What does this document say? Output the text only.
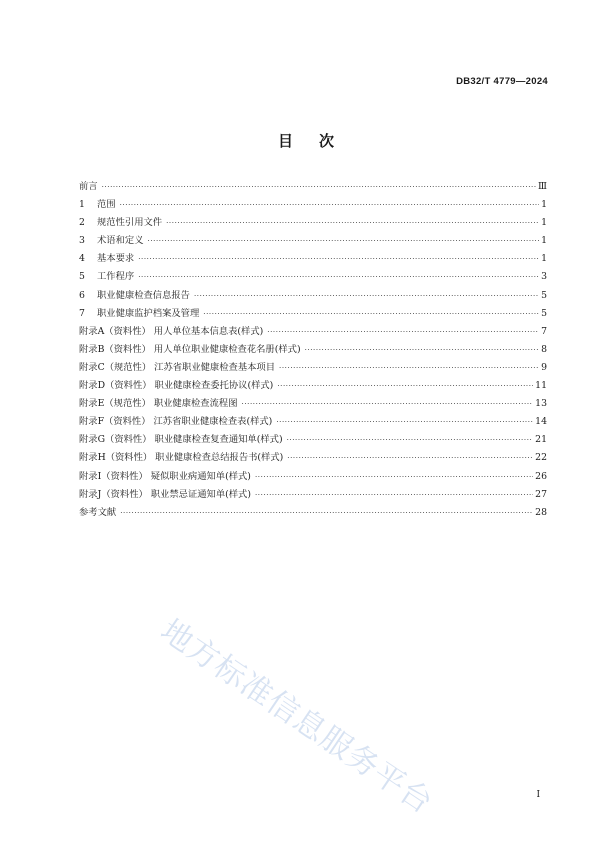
DB32/T 4779—2024
目次
前言 ·····	Ⅲ
1	范围 ·····	1
2	规范性引用文件 ·····	1
3	术语和定义 ·····	1
4	基本要求 ·····	1
5	工作程序 ·····	3
6	职业健康检查信息报告 ·····	5
7	职业健康监护档案及管理 ·····	5
附录A（资料性） 用人单位基本信息表(样式) ·····	7
附录B（资料性） 用人单位职业健康检查花名册(样式) ·····	8
附录C（规范性） 江苏省职业健康检查基本项目 ·····	9
附录D（资料性） 职业健康检查委托协议(样式) ·····	11
附录E（规范性） 职业健康检查流程图 ·····	13
附录F（资料性） 江苏省职业健康检查表(样式) ·····	14
附录G（资料性） 职业健康检查复查通知单(样式) ·····	21
附录H（资料性） 职业健康检查总结报告书(样式) ·····	22
附录I（资料性） 疑似职业病通知单(样式) ·····	26
附录J（资料性） 职业禁忌证通知单(样式) ·····	27
参考文献 ·····	28
地方标准信息服务平台	I
